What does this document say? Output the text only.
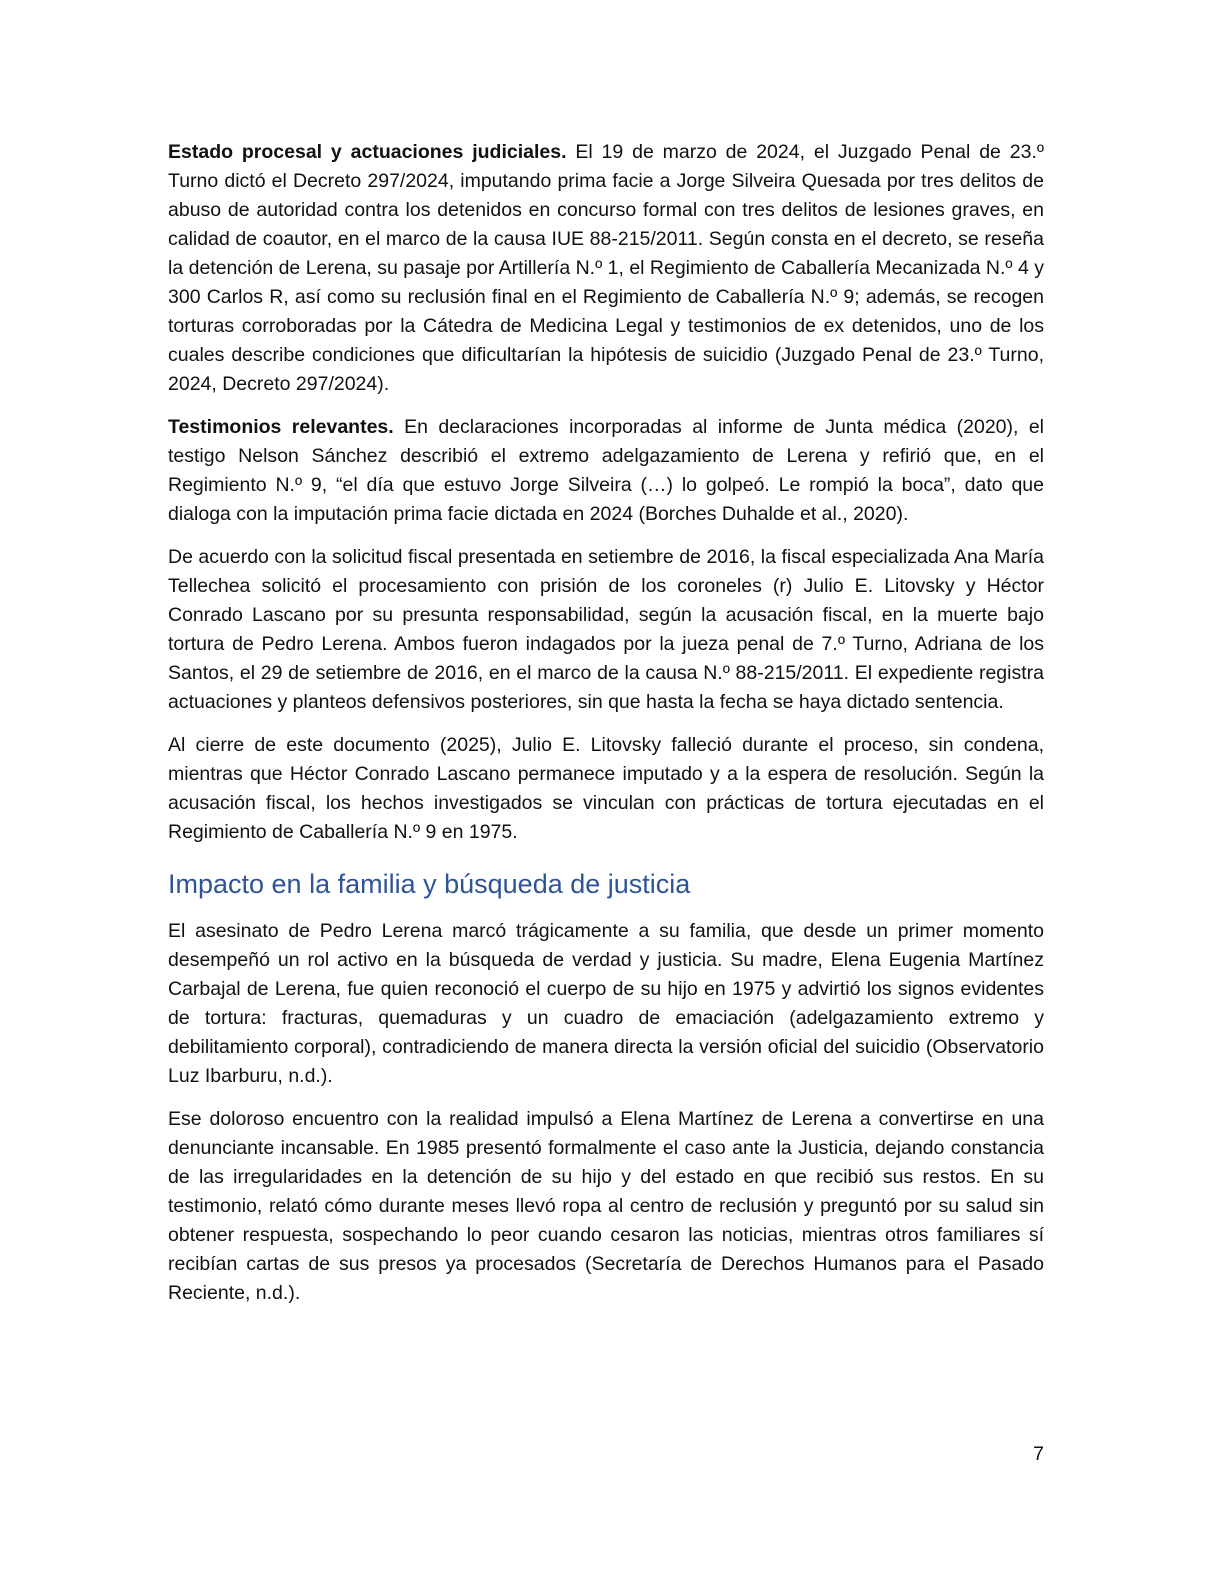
Estado procesal y actuaciones judiciales. El 19 de marzo de 2024, el Juzgado Penal de 23.º Turno dictó el Decreto 297/2024, imputando prima facie a Jorge Silveira Quesada por tres delitos de abuso de autoridad contra los detenidos en concurso formal con tres delitos de lesiones graves, en calidad de coautor, en el marco de la causa IUE 88-215/2011. Según consta en el decreto, se reseña la detención de Lerena, su pasaje por Artillería N.º 1, el Regimiento de Caballería Mecanizada N.º 4 y 300 Carlos R, así como su reclusión final en el Regimiento de Caballería N.º 9; además, se recogen torturas corroboradas por la Cátedra de Medicina Legal y testimonios de ex detenidos, uno de los cuales describe condiciones que dificultarían la hipótesis de suicidio (Juzgado Penal de 23.º Turno, 2024, Decreto 297/2024).

Testimonios relevantes. En declaraciones incorporadas al informe de Junta médica (2020), el testigo Nelson Sánchez describió el extremo adelgazamiento de Lerena y refirió que, en el Regimiento N.º 9, “el día que estuvo Jorge Silveira (…) lo golpeó. Le rompió la boca”, dato que dialoga con la imputación prima facie dictada en 2024 (Borches Duhalde et al., 2020).

De acuerdo con la solicitud fiscal presentada en setiembre de 2016, la fiscal especializada Ana María Tellechea solicitó el procesamiento con prisión de los coroneles (r) Julio E. Litovsky y Héctor Conrado Lascano por su presunta responsabilidad, según la acusación fiscal, en la muerte bajo tortura de Pedro Lerena. Ambos fueron indagados por la jueza penal de 7.º Turno, Adriana de los Santos, el 29 de setiembre de 2016, en el marco de la causa N.º 88-215/2011. El expediente registra actuaciones y planteos defensivos posteriores, sin que hasta la fecha se haya dictado sentencia.

Al cierre de este documento (2025), Julio E. Litovsky falleció durante el proceso, sin condena, mientras que Héctor Conrado Lascano permanece imputado y a la espera de resolución. Según la acusación fiscal, los hechos investigados se vinculan con prácticas de tortura ejecutadas en el Regimiento de Caballería N.º 9 en 1975.

Impacto en la familia y búsqueda de justicia

El asesinato de Pedro Lerena marcó trágicamente a su familia, que desde un primer momento desempeñó un rol activo en la búsqueda de verdad y justicia. Su madre, Elena Eugenia Martínez Carbajal de Lerena, fue quien reconoció el cuerpo de su hijo en 1975 y advirtió los signos evidentes de tortura: fracturas, quemaduras y un cuadro de emaciación (adelgazamiento extremo y debilitamiento corporal), contradiciendo de manera directa la versión oficial del suicidio (Observatorio Luz Ibarburu, n.d.).

Ese doloroso encuentro con la realidad impulsó a Elena Martínez de Lerena a convertirse en una denunciante incansable. En 1985 presentó formalmente el caso ante la Justicia, dejando constancia de las irregularidades en la detención de su hijo y del estado en que recibió sus restos. En su testimonio, relató cómo durante meses llevó ropa al centro de reclusión y preguntó por su salud sin obtener respuesta, sospechando lo peor cuando cesaron las noticias, mientras otros familiares sí recibían cartas de sus presos ya procesados (Secretaría de Derechos Humanos para el Pasado Reciente, n.d.).

7
